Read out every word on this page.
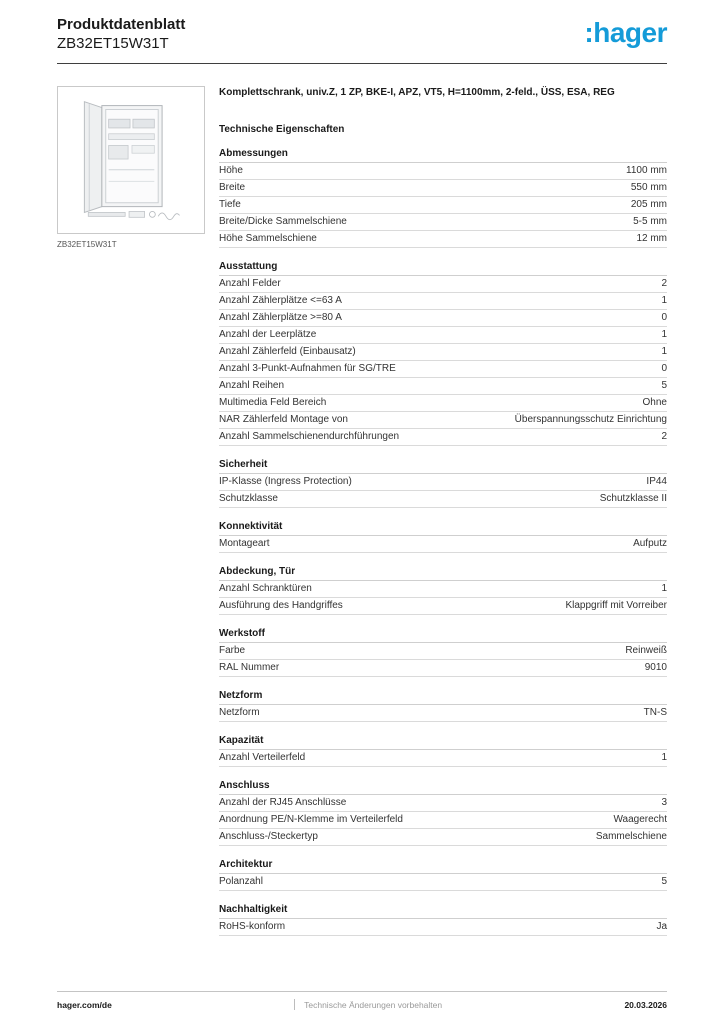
Produktdatenblatt
ZB32ET15W31T	:hager
ZB32ET15W31T
Komplettschrank, univ.Z, 1 ZP, BKE-I, APZ, VT5, H=1100mm, 2-feld., ÜSS, ESA, REG
Technische Eigenschaften
Abmessungen
Höhe	1100 mm
Breite	550 mm
Tiefe	205 mm
Breite/Dicke Sammelschiene	5-5 mm
Höhe Sammelschiene	12 mm
Ausstattung
Anzahl Felder	2
Anzahl Zählerplätze <=63 A	1
Anzahl Zählerplätze >=80 A	0
Anzahl der Leerplätze	1
Anzahl Zählerfeld (Einbausatz)	1
Anzahl 3-Punkt-Aufnahmen für SG/TRE	0
Anzahl Reihen	5
Multimedia Feld Bereich	Ohne
NAR Zählerfeld Montage von	Überspannungsschutz Einrichtung
Anzahl Sammelschienendurchführungen	2
Sicherheit
IP-Klasse (Ingress Protection)	IP44
Schutzklasse	Schutzklasse II
Konnektivität
Montageart	Aufputz
Abdeckung, Tür
Anzahl Schranktüren	1
Ausführung des Handgriffes	Klappgriff mit Vorreiber
Werkstoff
Farbe	Reinweiß
RAL Nummer	9010
Netzform
Netzform	TN-S
Kapazität
Anzahl Verteilerfeld	1
Anschluss
Anzahl der RJ45 Anschlüsse	3
Anordnung PE/N-Klemme im Verteilerfeld	Waagerecht
Anschluss-/Steckertyp	Sammelschiene
Architektur
Polanzahl	5
Nachhaltigkeit
RoHS-konform	Ja
hager.com/de	Technische Änderungen vorbehalten	20.03.2026
